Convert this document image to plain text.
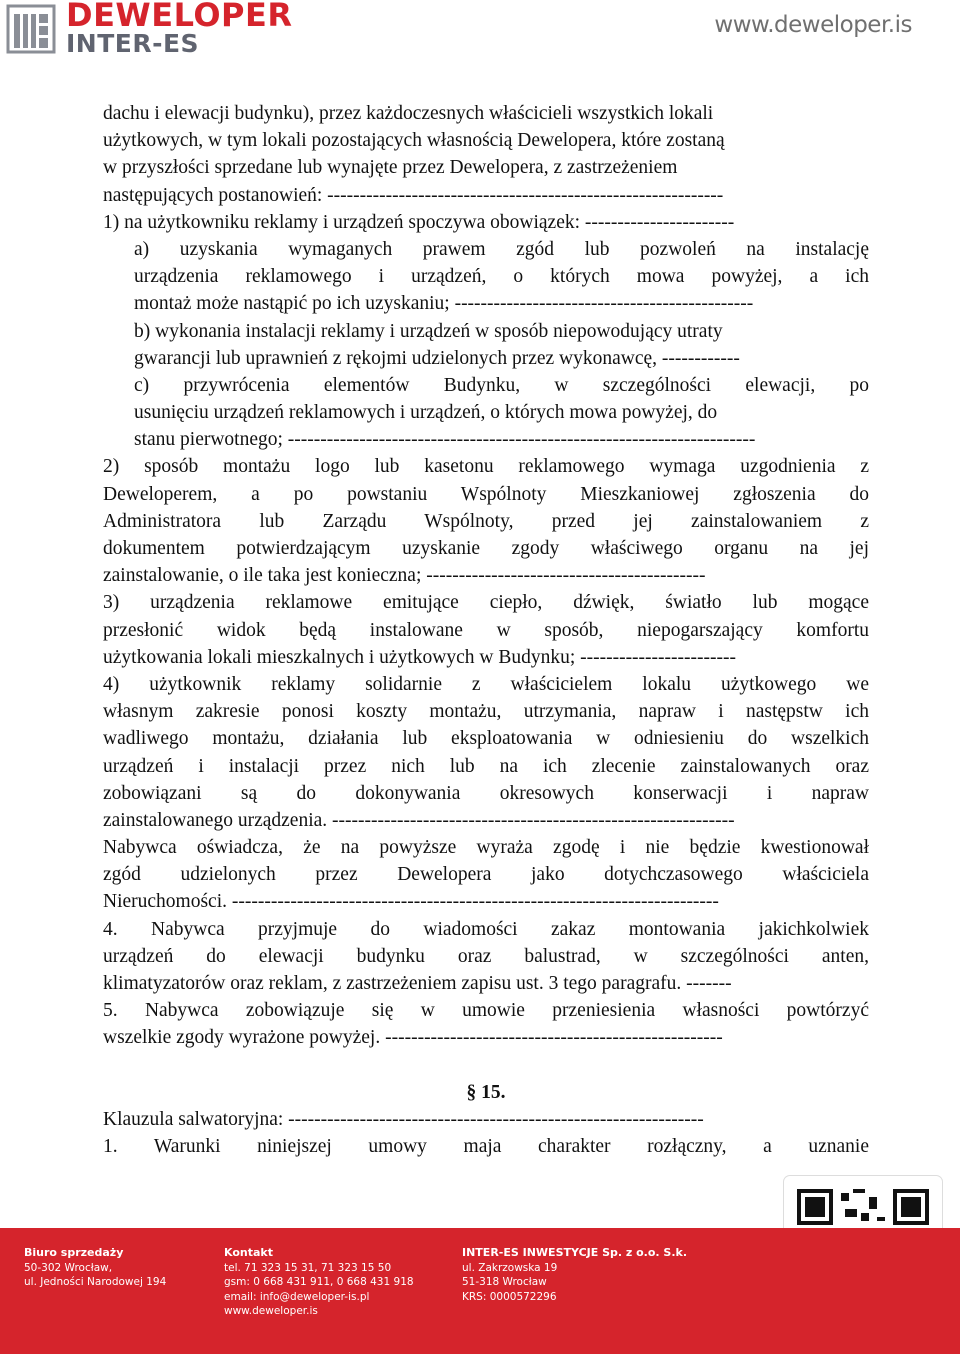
DEWELOPER
INTER-ES
www.deweloper.is
dachu i elewacji budynku), przez każdoczesnych właścicieli wszystkich lokali
użytkowych, w tym lokali pozostających własnością Dewelopera, które zostaną
w przyszłości sprzedane lub wynajęte przez Dewelopera, z zastrzeżeniem
następujących postanowień: -------------------------------------------------------------
1) na użytkowniku reklamy i urządzeń spoczywa obowiązek: -----------------------
a) uzyskania wymaganych prawem zgód lub pozwoleń na instalację
urządzenia reklamowego i urządzeń, o których mowa powyżej, a ich
montaż może nastąpić po ich uzyskaniu; ----------------------------------------------
b) wykonania instalacji reklamy i urządzeń w sposób niepowodujący utraty
gwarancji lub uprawnień z rękojmi udzielonych przez wykonawcę, ------------
c) przywrócenia elementów Budynku, w szczególności elewacji, po
usunięciu urządzeń reklamowych i urządzeń, o których mowa powyżej, do
stanu pierwotnego; ------------------------------------------------------------------------
2) sposób montażu logo lub kasetonu reklamowego wymaga uzgodnienia z
Deweloperem, a po powstaniu Wspólnoty Mieszkaniowej zgłoszenia do
Administratora lub Zarządu Wspólnoty, przed jej zainstalowaniem z
dokumentem potwierdzającym uzyskanie zgody właściwego organu na jej
zainstalowanie, o ile taka jest konieczna; -------------------------------------------
3) urządzenia reklamowe emitujące ciepło, dźwięk, światło lub mogące
przesłonić widok będą instalowane w sposób, niepogarszający komfortu
użytkowania lokali mieszkalnych i użytkowych w Budynku; ------------------------
4) użytkownik reklamy solidarnie z właścicielem lokalu użytkowego we
własnym zakresie ponosi koszty montażu, utrzymania, napraw i następstw ich
wadliwego montażu, działania lub eksploatowania w odniesieniu do wszelkich
urządzeń i instalacji przez nich lub na ich zlecenie zainstalowanych oraz
zobowiązani są do dokonywania okresowych konserwacji i napraw
zainstalowanego urządzenia. --------------------------------------------------------------
Nabywca oświadcza, że na powyższe wyraża zgodę i nie będzie kwestionował
zgód udzielonych przez Dewelopera jako dotychczasowego właściciela
Nieruchomości. ---------------------------------------------------------------------------
4. Nabywca przyjmuje do wiadomości zakaz montowania jakichkolwiek
urządzeń do elewacji budynku oraz balustrad, w szczególności anten,
klimatyzatorów oraz reklam, z zastrzeżeniem zapisu ust. 3 tego paragrafu. -------
5. Nabywca zobowiązuje się w umowie przeniesienia własności powtórzyć
wszelkie zgody wyrażone powyżej. ----------------------------------------------------
§ 15.
Klauzula salwatoryjna: ----------------------------------------------------------------
1. Warunki niniejszej umowy maja charakter rozłączny, a uznanie
Biuro sprzedaży
50-302 Wrocław,
ul. Jedności Narodowej 194
Kontakt
tel. 71 323 15 31, 71 323 15 50
gsm: 0 668 431 911, 0 668 431 918
email: info@deweloper-is.pl
www.deweloper.is
INTER-ES INWESTYCJE Sp. z o.o. S.k.
ul. Zakrzowska 19
51-318 Wrocław
KRS: 0000572296
